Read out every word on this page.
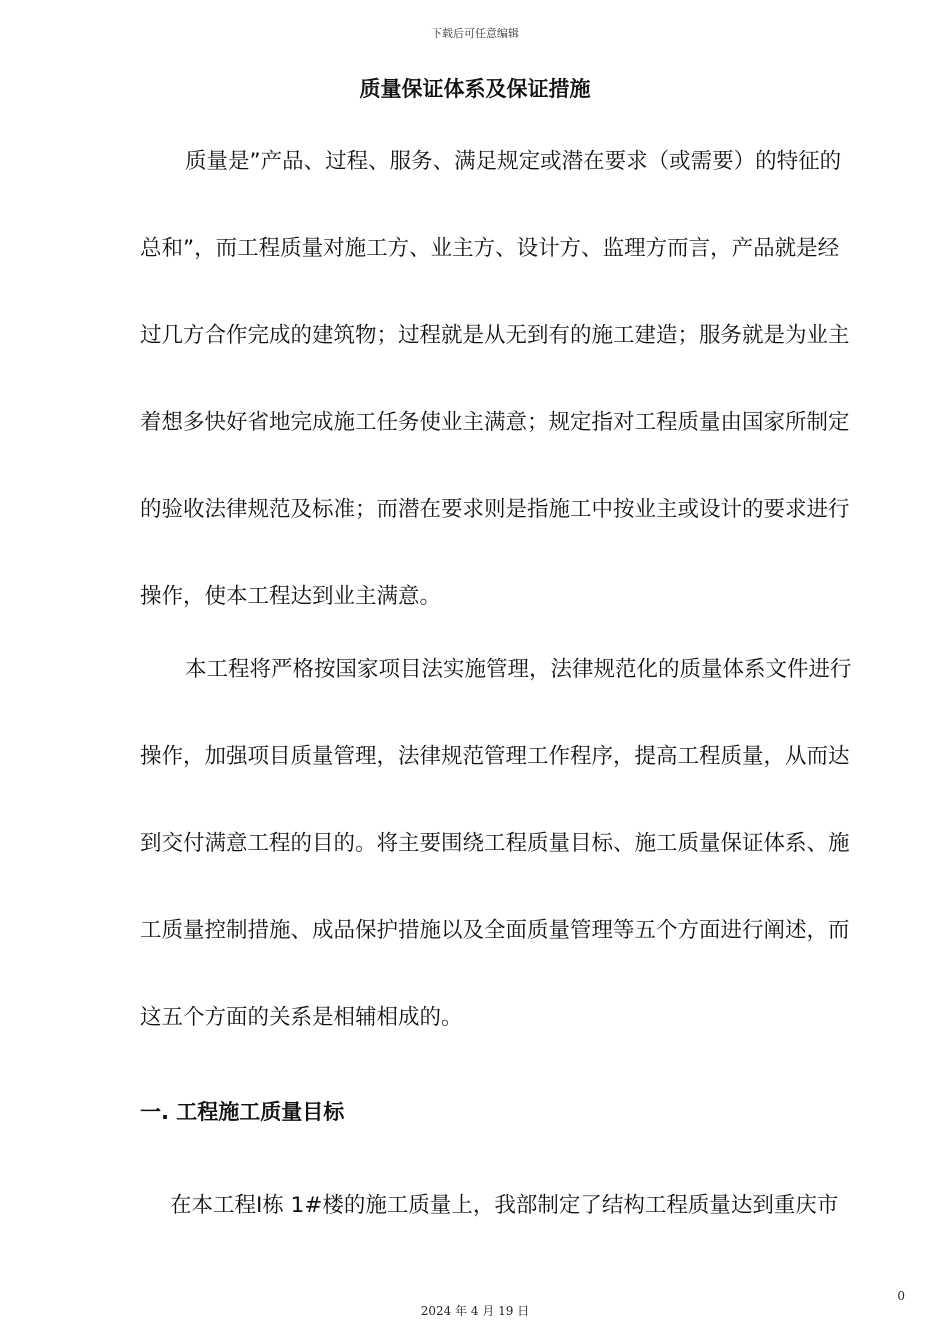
下载后可任意编辑
质量保证体系及保证措施
质量是”产品、过程、服务、满足规定或潜在要求（或需要）的特征的
总和”，而工程质量对施工方、业主方、设计方、监理方而言，产品就是经
过几方合作完成的建筑物；过程就是从无到有的施工建造；服务就是为业主
着想多快好省地完成施工任务使业主满意；规定指对工程质量由国家所制定
的验收法律规范及标准；而潜在要求则是指施工中按业主或设计的要求进行
操作，使本工程达到业主满意。
本工程将严格按国家项目法实施管理，法律规范化的质量体系文件进行
操作，加强项目质量管理，法律规范管理工作程序，提高工程质量，从而达
到交付满意工程的目的。将主要围绕工程质量目标、施工质量保证体系、施
工质量控制措施、成品保护措施以及全面质量管理等五个方面进行阐述，而
这五个方面的关系是相辅相成的。
一. 工程施工质量目标
在本工程Ⅰ栋 1#楼的施工质量上，我部制定了结构工程质量达到重庆市
0
2024 年 4 月 19 日
